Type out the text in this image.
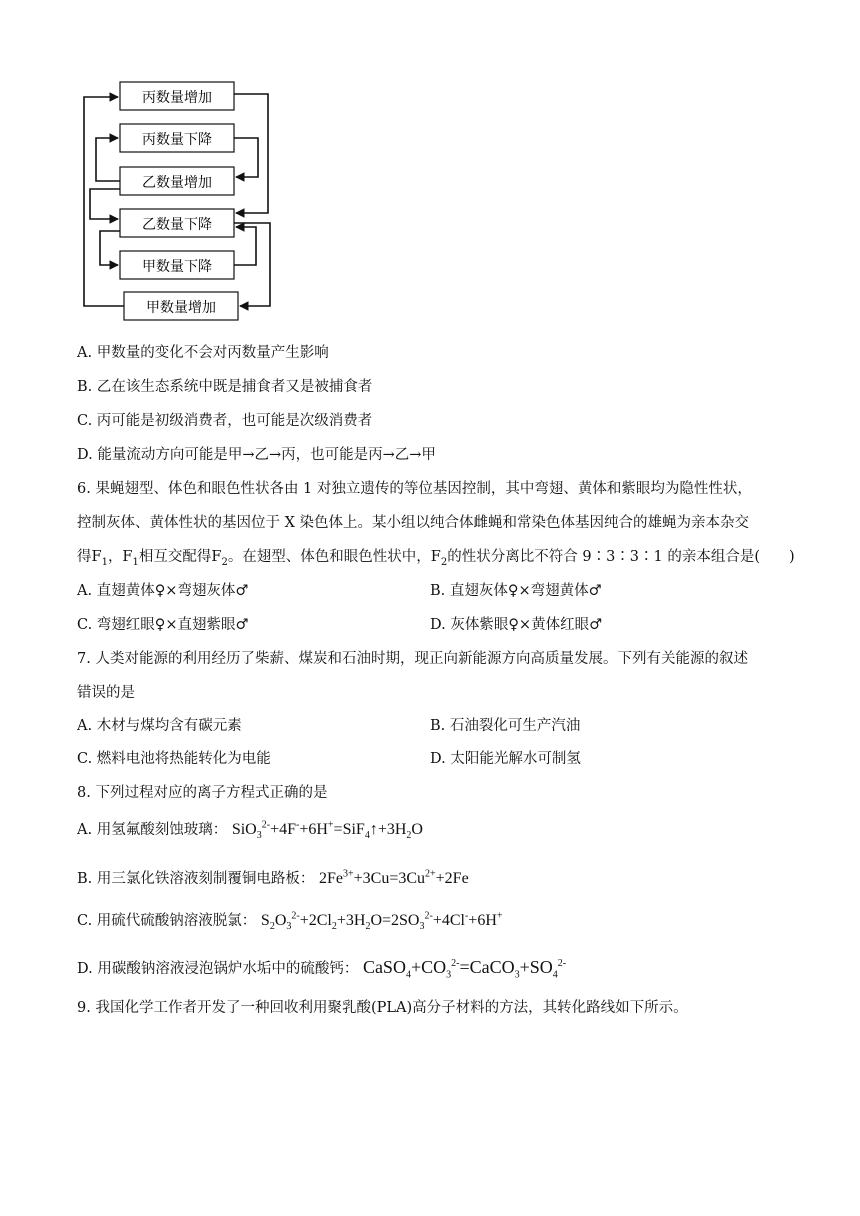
丙数量增加
丙数量下降
乙数量增加
乙数量下降
甲数量下降
甲数量增加
A. 甲数量的变化不会对丙数量产生影响
B. 乙在该生态系统中既是捕食者又是被捕食者
C. 丙可能是初级消费者，也可能是次级消费者
D. 能量流动方向可能是甲→乙→丙，也可能是丙→乙→甲
6. 果蝇翅型、体色和眼色性状各由 1 对独立遗传的等位基因控制，其中弯翅、黄体和紫眼均为隐性性状，
控制灰体、黄体性状的基因位于 X 染色体上。某小组以纯合体雌蝇和常染色体基因纯合的雄蝇为亲本杂交
得$F_1$，$F_1$相互交配得$F_2$。在翅型、体色和眼色性状中，$F_2$的性状分离比不符合 9∶3∶3∶1 的亲本组合是(　　)
A. 直翅黄体♀×弯翅灰体♂	B. 直翅灰体♀×弯翅黄体♂
C. 弯翅红眼♀×直翅紫眼♂	D. 灰体紫眼♀×黄体红眼♂
7. 人类对能源的利用经历了柴薪、煤炭和石油时期，现正向新能源方向高质量发展。下列有关能源的叙述
错误的是
A. 木材与煤均含有碳元素	B. 石油裂化可生产汽油
C. 燃料电池将热能转化为电能	D. 太阳能光解水可制氢
8. 下列过程对应的离子方程式正确的是
A. 用氢氟酸刻蚀玻璃： $SiO_3^{2-}+4F^-+6H^+=SiF_4↑+3H_2O$
B. 用三氯化铁溶液刻制覆铜电路板： $2Fe^{3+}+3Cu=3Cu^{2+}+2Fe$
C. 用硫代硫酸钠溶液脱氯： $S_2O_3^{2-}+2Cl_2+3H_2O=2SO_3^{2-}+4Cl^-+6H^+$
D. 用碳酸钠溶液浸泡锅炉水垢中的硫酸钙： $CaSO_4+CO_3^{2-}=CaCO_3+SO_4^{2-}$
9. 我国化学工作者开发了一种回收利用聚乳酸(PLA)高分子材料的方法，其转化路线如下所示。
